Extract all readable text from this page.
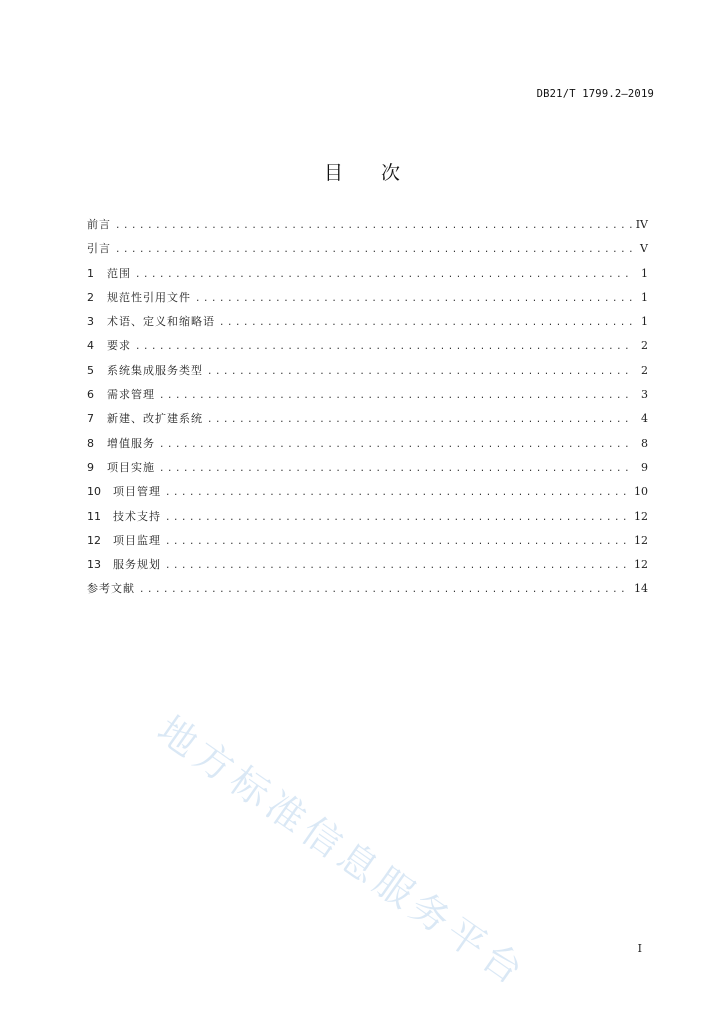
DB21/T 1799.2—2019
目次
前言 .....	IV
引言 .....	V
1	范围 .....	1
2	规范性引用文件 .....	1
3	术语、定义和缩略语 .....	1
4	要求 .....	2
5	系统集成服务类型 .....	2
6	需求管理 .....	3
7	新建、改扩建系统 .....	4
8	增值服务 .....	8
9	项目实施 .....	9
10	项目管理 .....	10
11	技术支持 .....	12
12	项目监理 .....	12
13	服务规划 .....	12
参考文献 .....	14
地方标准信息服务平台	I
